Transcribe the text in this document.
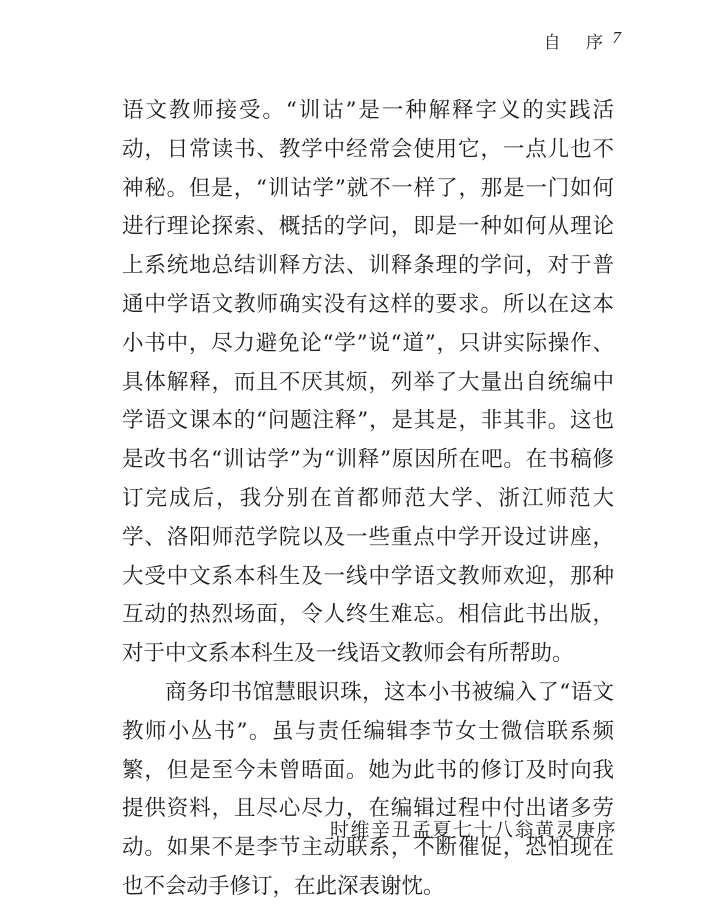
自 序 7

语文教师接受。“训诂”是一种解释字义的实践活动，日常读书、教学中经常会使用它，一点儿也不神秘。但是，“训诂学”就不一样了，那是一门如何进行理论探索、概括的学问，即是一种如何从理论上系统地总结训释方法、训释条理的学问，对于普通中学语文教师确实没有这样的要求。所以在这本小书中，尽力避免论“学”说“道”，只讲实际操作、具体解释，而且不厌其烦，列举了大量出自统编中学语文课本的“问题注释”，是其是，非其非。这也是改书名“训诂学”为“训释”原因所在吧。在书稿修订完成后，我分别在首都师范大学、浙江师范大学、洛阳师范学院以及一些重点中学开设过讲座，大受中文系本科生及一线中学语文教师欢迎，那种互动的热烈场面，令人终生难忘。相信此书出版，对于中文系本科生及一线语文教师会有所帮助。

商务印书馆慧眼识珠，这本小书被编入了“语文教师小丛书”。虽与责任编辑李节女士微信联系频繁，但是至今未曾晤面。她为此书的修订及时向我提供资料，且尽心尽力，在编辑过程中付出诸多劳动。如果不是李节主动联系，不断催促，恐怕现在也不会动手修订，在此深表谢忱。

时维辛丑孟夏七十八翁黄灵庚序
